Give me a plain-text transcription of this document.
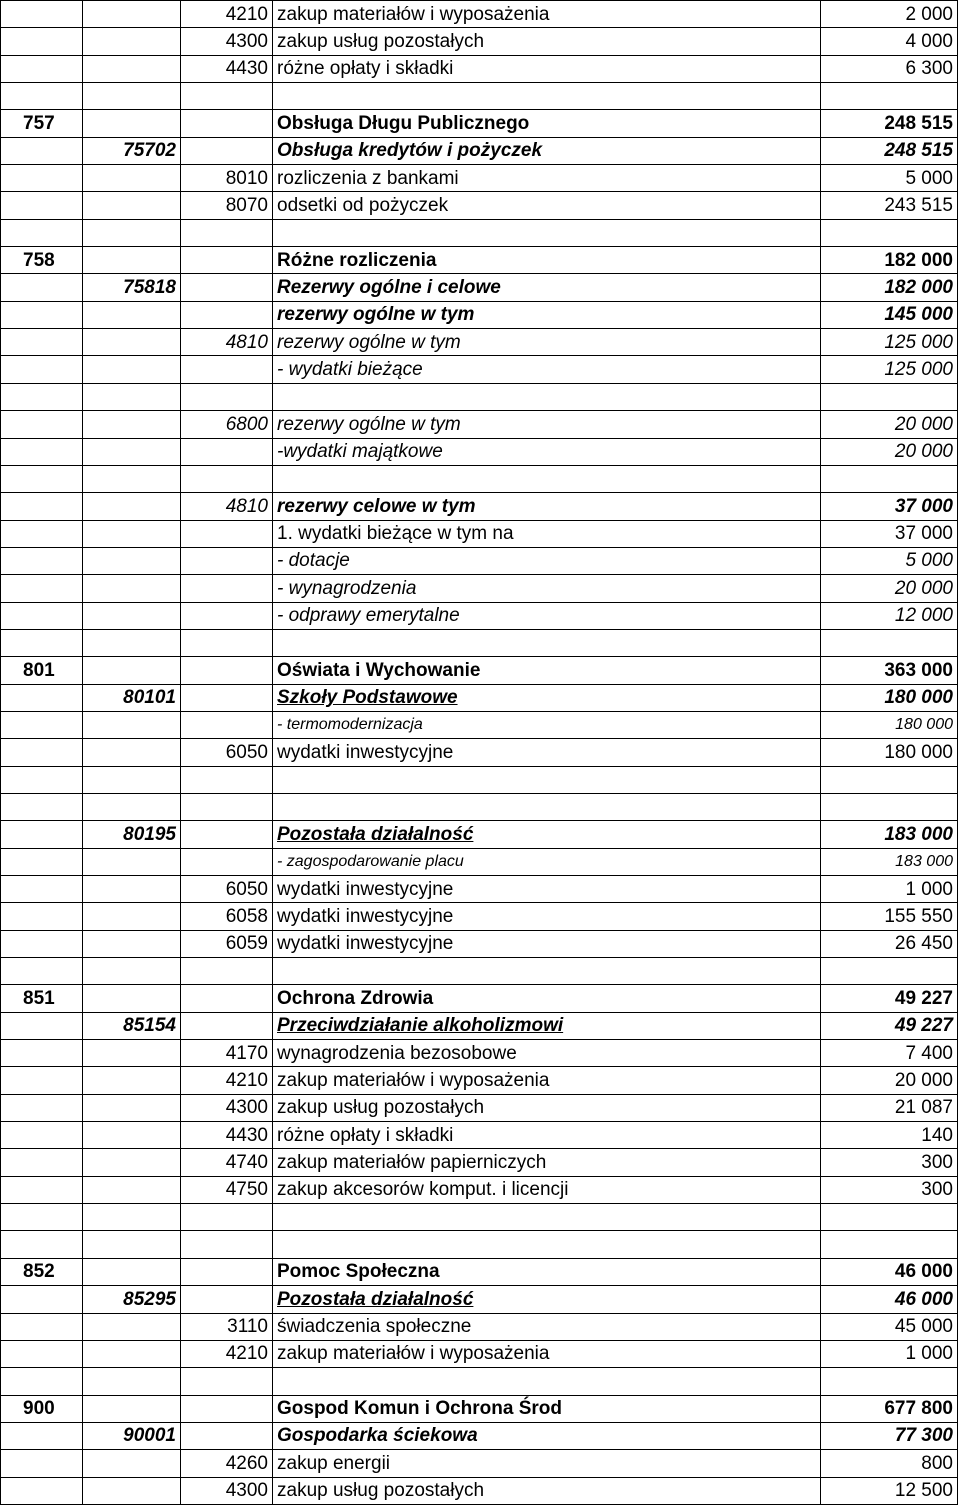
		4210	zakup materiałów i wyposażenia	2 000
		4300	zakup usług pozostałych	4 000
		4430	różne opłaty i składki	6 300

757			Obsługa Długu Publicznego	248 515
	75702		Obsługa kredytów i pożyczek	248 515
		8010	rozliczenia z bankami	5 000
		8070	odsetki od pożyczek	243 515

758			Różne rozliczenia	182 000
	75818		Rezerwy ogólne i celowe	182 000
			rezerwy ogólne w tym	145 000
		4810	rezerwy ogólne w tym	125 000
			- wydatki bieżące	125 000

		6800	rezerwy ogólne w tym	20 000
			-wydatki majątkowe	20 000

		4810	rezerwy celowe w tym	37 000
			1. wydatki bieżące w tym na	37 000
			- dotacje	5 000
			- wynagrodzenia	20 000
			- odprawy emerytalne	12 000

801			Oświata i Wychowanie	363 000
	80101		Szkoły Podstawowe	180 000
			- termomodernizacja	180 000
		6050	wydatki inwestycyjne	180 000

	80195		Pozostała działalność	183 000
			- zagospodarowanie placu	183 000
		6050	wydatki inwestycyjne	1 000
		6058	wydatki inwestycyjne	155 550
		6059	wydatki inwestycyjne	26 450

851			Ochrona Zdrowia	49 227
	85154		Przeciwdziałanie alkoholizmowi	49 227
		4170	wynagrodzenia bezosobowe	7 400
		4210	zakup materiałów i wyposażenia	20 000
		4300	zakup usług pozostałych	21 087
		4430	różne opłaty i składki	140
		4740	zakup materiałów papierniczych	300
		4750	zakup akcesorów komput. i licencji	300

852			Pomoc Społeczna	46 000
	85295		Pozostała działalność	46 000
		3110	świadczenia społeczne	45 000
		4210	zakup materiałów i wyposażenia	1 000

900			Gospod Komun i Ochrona Środ	677 800
	90001		Gospodarka ściekowa	77 300
		4260	zakup energii	800
		4300	zakup usług pozostałych	12 500
